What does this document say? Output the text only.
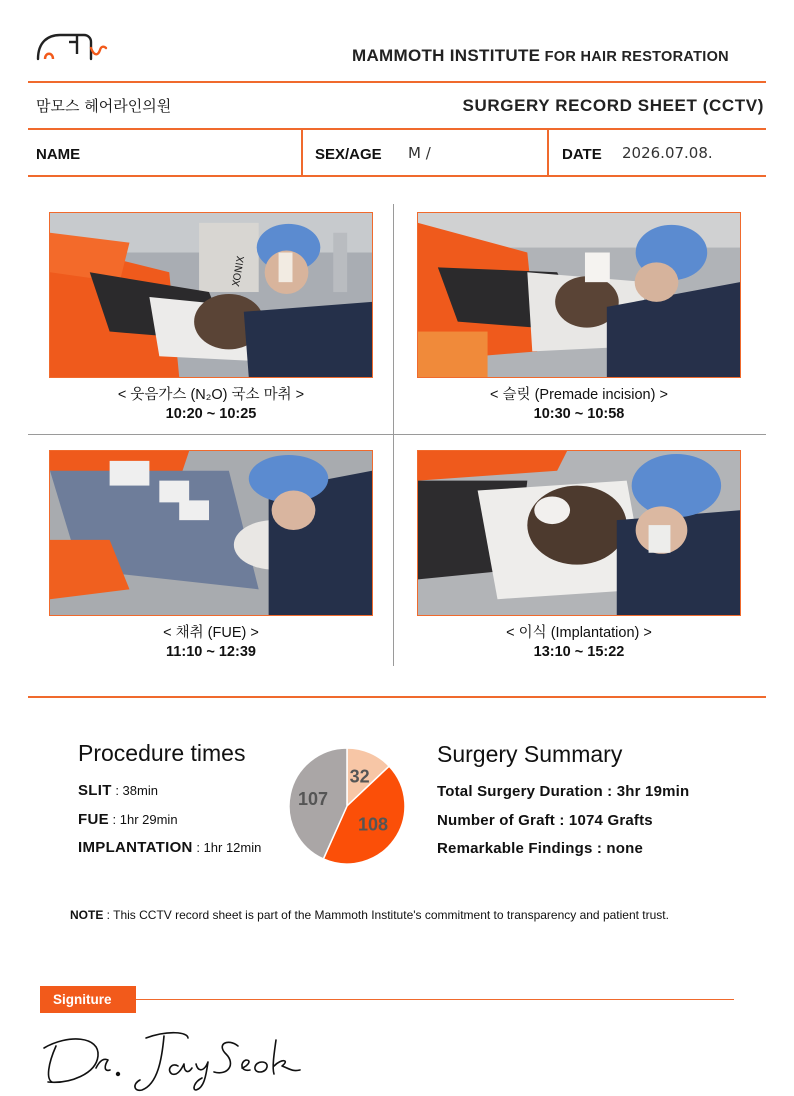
MAMMOTH INSTITUTE FOR HAIR RESTORATION
맘모스 헤어라인의원	SURGERY RECORD SHEET (CCTV)
NAME	SEX/AGE M /	DATE 2026.07.08.
XONIX
< 웃음가스 (N₂O) 국소 마취 >
10:20 ~ 10:25
< 슬릿 (Premade incision) >
10:30 ~ 10:58
< 채취 (FUE) >
11:10 ~ 12:39
< 이식 (Implantation) >
13:10 ~ 15:22
Procedure times
SLIT : 38min
FUE : 1hr 29min
IMPLANTATION : 1hr 12min
32
108
107
Surgery Summary
Total Surgery Duration : 3hr 19min
Number of Graft : 1074 Grafts
Remarkable Findings : none
NOTE : This CCTV record sheet is part of the Mammoth Institute's commitment to transparency and patient trust.
Signiture
